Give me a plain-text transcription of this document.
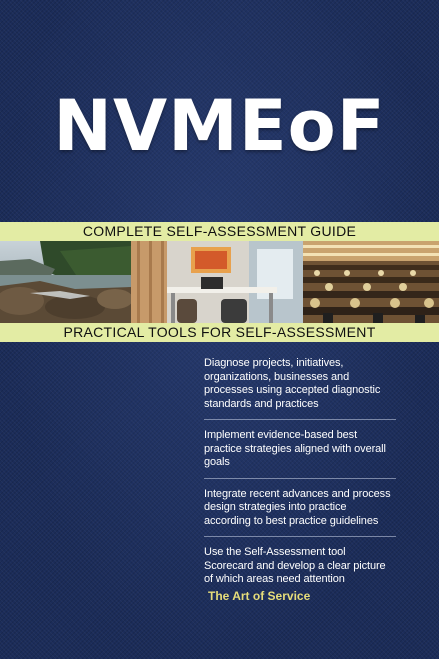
NVMEoF
COMPLETE SELF-ASSESSMENT GUIDE
PRACTICAL TOOLS FOR SELF-ASSESSMENT
Diagnose projects, initiatives, organizations, businesses and processes using accepted diagnostic standards and practices
Implement evidence-based best practice strategies aligned with overall goals
Integrate recent advances and process design strategies into practice according to best practice guidelines
Use the Self-Assessment tool Scorecard and develop a clear picture of which areas need attention
The Art of Service
